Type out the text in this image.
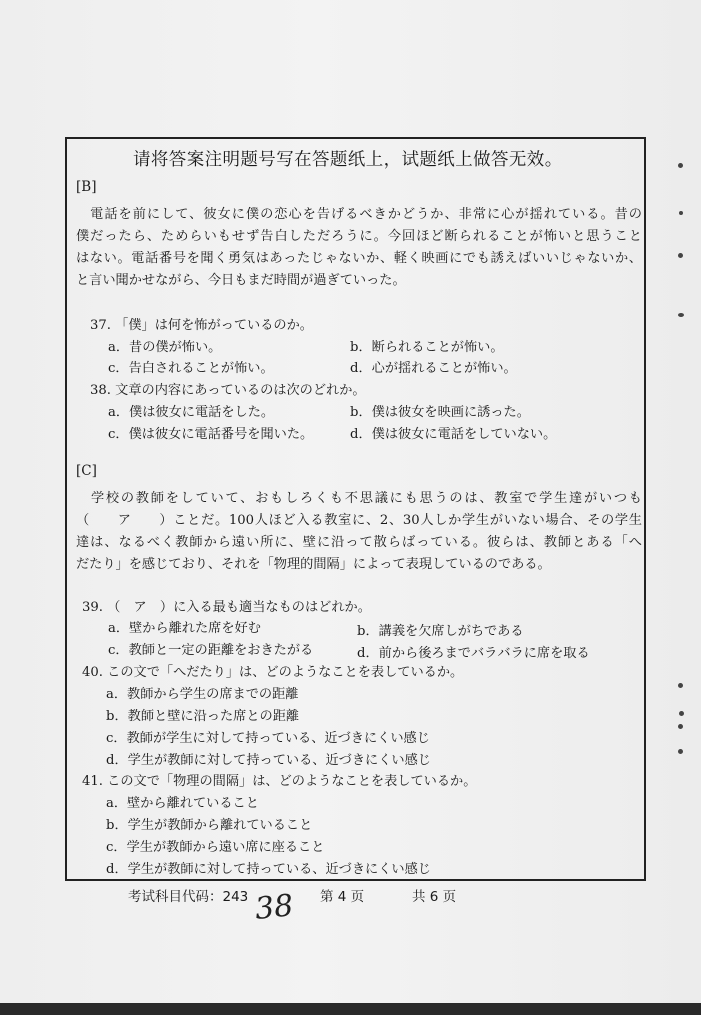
请将答案注明题号写在答题纸上，试题纸上做答无效。
[B]
　電話を前にして、彼女に僕の恋心を告げるべきかどうか、非常に心が揺れている。昔の
僕だったら、ためらいもせず告白しただろうに。今回ほど断られることが怖いと思うこと
はない。電話番号を聞く勇気はあったじゃないか、軽く映画にでも誘えばいいじゃないか、
と言い聞かせながら、今日もまだ時間が過ぎていった。
37. 「僕」は何を怖がっているのか。
a．昔の僕が怖い。	b．断られることが怖い。
c．告白されることが怖い。	d．心が揺れることが怖い。
38. 文章の内容にあっているのは次のどれか。
a．僕は彼女に電話をした。	b．僕は彼女を映画に誘った。
c．僕は彼女に電話番号を聞いた。	d．僕は彼女に電話をしていない。
[C]
　学校の教師をしていて、おもしろくも不思議にも思うのは、教室で学生達がいつも
（　　ア　　）ことだ。100人ほど入る教室に、2、30人しか学生がいない場合、その学生
達は、なるべく教師から遠い所に、壁に沿って散らばっている。彼らは、教師とある「へ
だたり」を感じており、それを「物理的間隔」によって表現しているのである。
39. （　ア　）に入る最も適当なものはどれか。
a．壁から離れた席を好む	b．講義を欠席しがちである
c．教師と一定の距離をおきたがる	d．前から後ろまでバラバラに席を取る
40. この文で「へだたり」は、どのようなことを表しているか。
a．教師から学生の席までの距離
b．教師と壁に沿った席との距離
c．教師が学生に対して持っている、近づきにくい感じ
d．学生が教師に対して持っている、近づきにくい感じ
41. この文で「物理の間隔」は、どのようなことを表しているか。
a．壁から離れていること
b．学生が教師から離れていること
c．学生が教師から遠い席に座ること
d．学生が教師に対して持っている、近づきにくい感じ
考试科目代码：243 38 第 4 页	共 6 页
